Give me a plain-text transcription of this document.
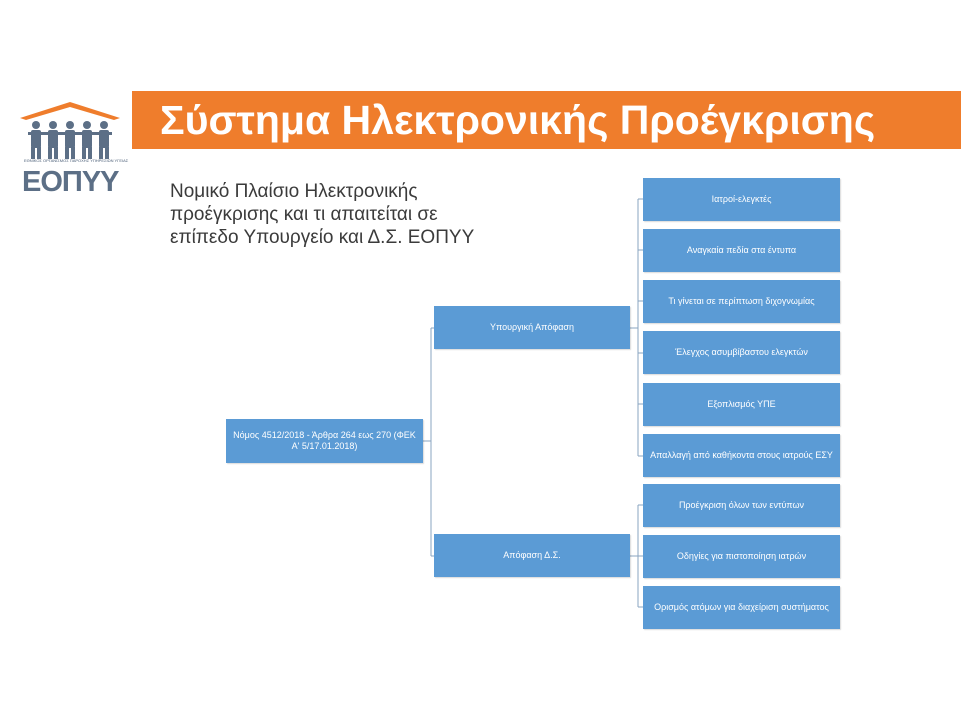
ΕΘΝΙΚΟΣ ΟΡΓΑΝΙΣΜΟΣ ΠΑΡΟΧΗΣ ΥΠΗΡΕΣΙΩΝ ΥΓΕΙΑΣ
ΕΟΠΥΥ
Σύστημα Ηλεκτρονικής Προέγκρισης
Νομικό Πλαίσιο Ηλεκτρονικής
προέγκρισης και τι απαιτείται σε
επίπεδο Υπουργείο και Δ.Σ. ΕΟΠΥΥ
Νόμος 4512/2018 - Άρθρα 264 εως 270 (ΦΕΚ Α' 5/17.01.2018)
Υπουργική Απόφαση
Απόφαση Δ.Σ.
Ιατροί-ελεγκτές
Αναγκαία πεδία στα έντυπα
Τι γίνεται σε περίπτωση διχογνωμίας
Έλεγχος ασυμβίβαστου ελεγκτών
Εξοπλισμός ΥΠΕ
Απαλλαγή από καθήκοντα στους ιατρούς ΕΣΥ
Προέγκριση όλων των εντύπων
Οδηγίες για πιστοποίηση ιατρών
Ορισμός ατόμων για διαχείριση συστήματος
